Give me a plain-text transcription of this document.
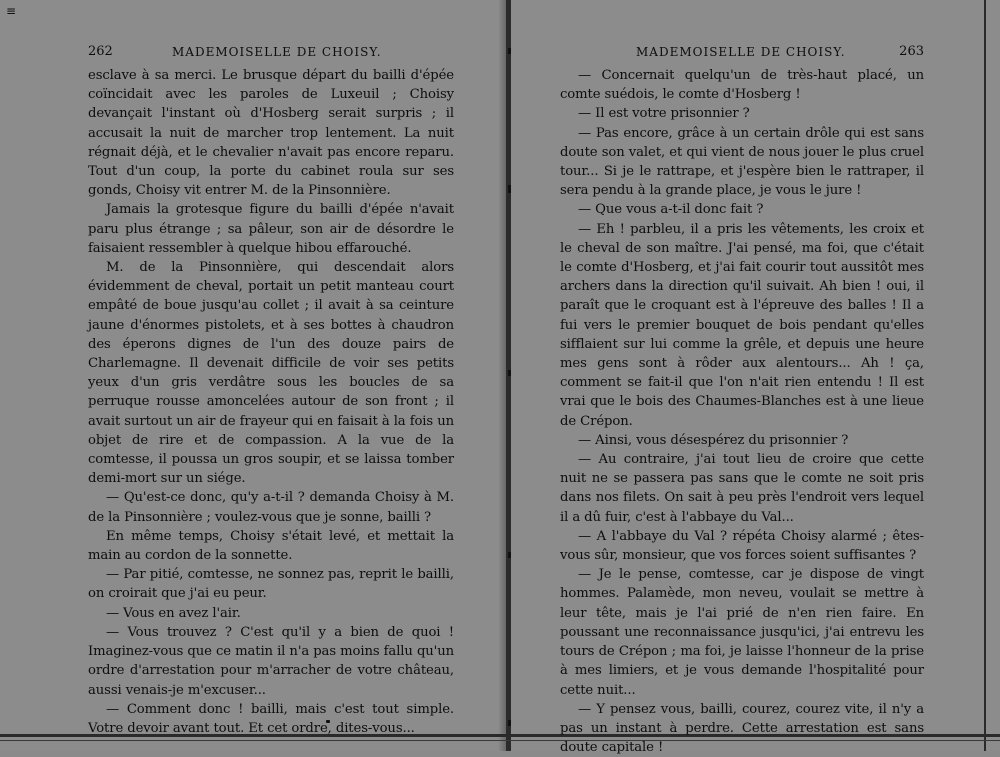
≡
262	MADEMOISELLE DE CHOISY.

esclave à sa merci. Le brusque départ du bailli d'épée coïncidait avec les paroles de Luxeuil ; Choisy devançait l'instant où d'Hosberg serait surpris ; il accusait la nuit de marcher trop lentement. La nuit régnait déjà, et le chevalier n'avait pas encore reparu. Tout d'un coup, la porte du cabinet roula sur ses gonds, Choisy vit entrer M. de la Pinsonnière.

Jamais la grotesque figure du bailli d'épée n'avait paru plus étrange ; sa pâleur, son air de désordre le faisaient ressembler à quelque hibou effarouché.

M. de la Pinsonnière, qui descendait alors évidemment de cheval, portait un petit manteau court empâté de boue jusqu'au collet ; il avait à sa ceinture jaune d'énormes pistolets, et à ses bottes à chaudron des éperons dignes de l'un des douze pairs de Charlemagne. Il devenait difficile de voir ses petits yeux d'un gris verdâtre sous les boucles de sa perruque rousse amoncelées autour de son front ; il avait surtout un air de frayeur qui en faisait à la fois un objet de rire et de compassion. A la vue de la comtesse, il poussa un gros soupir, et se laissa tomber demi-mort sur un siége.

— Qu'est-ce donc, qu'y a-t-il ? demanda Choisy à M. de la Pinsonnière ; voulez-vous que je sonne, bailli ?

En même temps, Choisy s'était levé, et mettait la main au cordon de la sonnette.

— Par pitié, comtesse, ne sonnez pas, reprit le bailli, on croirait que j'ai eu peur.

— Vous en avez l'air.

— Vous trouvez ? C'est qu'il y a bien de quoi ! Imaginez-vous que ce matin il n'a pas moins fallu qu'un ordre d'arrestation pour m'arracher de votre château, aussi venais-je m'excuser...

— Comment donc ! bailli, mais c'est tout simple. Votre devoir avant tout. Et cet ordre, dites-vous...

MADEMOISELLE DE CHOISY.	263

— Concernait quelqu'un de très-haut placé, un comte suédois, le comte d'Hosberg !

— Il est votre prisonnier ?

— Pas encore, grâce à un certain drôle qui est sans doute son valet, et qui vient de nous jouer le plus cruel tour... Si je le rattrape, et j'espère bien le rattraper, il sera pendu à la grande place, je vous le jure !

— Que vous a-t-il donc fait ?

— Eh ! parbleu, il a pris les vêtements, les croix et le cheval de son maître. J'ai pensé, ma foi, que c'était le comte d'Hosberg, et j'ai fait courir tout aussitôt mes archers dans la direction qu'il suivait. Ah bien ! oui, il paraît que le croquant est à l'épreuve des balles ! Il a fui vers le premier bouquet de bois pendant qu'elles sifflaient sur lui comme la grêle, et depuis une heure mes gens sont à rôder aux alentours... Ah ! ça, comment se fait-il que l'on n'ait rien entendu ! Il est vrai que le bois des Chaumes-Blanches est à une lieue de Crépon.

— Ainsi, vous désespérez du prisonnier ?

— Au contraire, j'ai tout lieu de croire que cette nuit ne se passera pas sans que le comte ne soit pris dans nos filets. On sait à peu près l'endroit vers lequel il a dû fuir, c'est à l'abbaye du Val...

— A l'abbaye du Val ? répéta Choisy alarmé ; êtes-vous sûr, monsieur, que vos forces soient suffisantes ?

— Je le pense, comtesse, car je dispose de vingt hommes. Palamède, mon neveu, voulait se mettre à leur tête, mais je l'ai prié de n'en rien faire. En poussant une reconnaissance jusqu'ici, j'ai entrevu les tours de Crépon ; ma foi, je laisse l'honneur de la prise à mes limiers, et je vous demande l'hospitalité pour cette nuit...

— Y pensez vous, bailli, courez, courez vite, il n'y a pas un instant à perdre. Cette arrestation est sans doute capitale !
